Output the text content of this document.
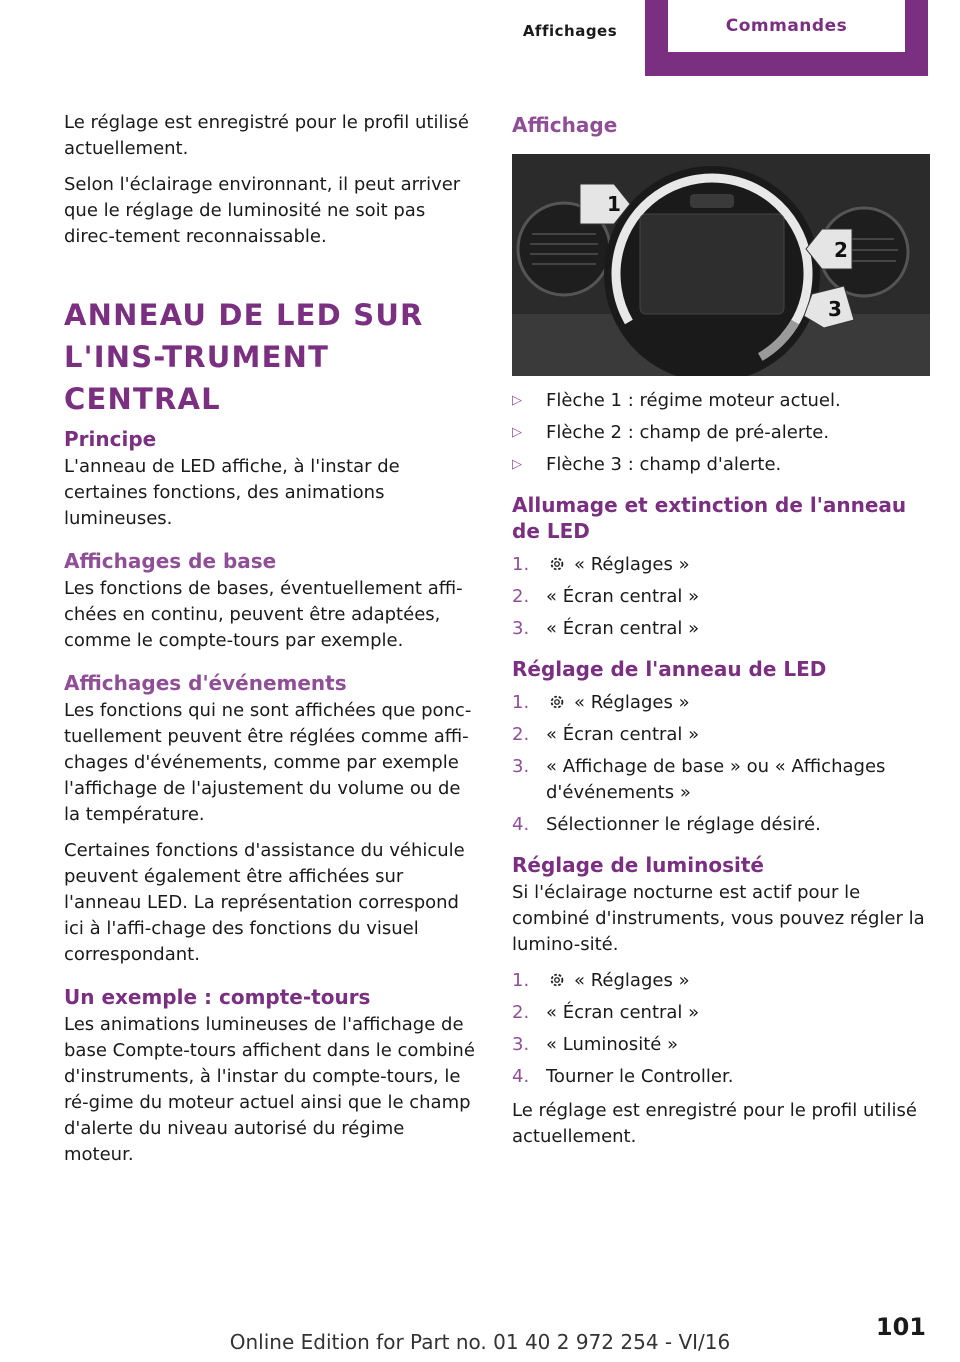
Affichages	Commandes

Le réglage est enregistré pour le profil utilisé actuellement.

Selon l'éclairage environnant, il peut arriver que le réglage de luminosité ne soit pas direc-tement reconnaissable.

ANNEAU DE LED SUR L'INS-TRUMENT CENTRAL
Principe

L'anneau de LED affiche, à l'instar de certaines fonctions, des animations lumineuses.

Affichages de base

Les fonctions de bases, éventuellement affi-chées en continu, peuvent être adaptées, comme le compte-tours par exemple.

Affichages d'événements

Les fonctions qui ne sont affichées que ponc-tuellement peuvent être réglées comme affi-chages d'événements, comme par exemple l'affichage de l'ajustement du volume ou de la température.

Certaines fonctions d'assistance du véhicule peuvent également être affichées sur l'anneau LED. La représentation correspond ici à l'affi-chage des fonctions du visuel correspondant.

Un exemple : compte-tours

Les animations lumineuses de l'affichage de base Compte-tours affichent dans le combiné d'instruments, à l'instar du compte-tours, le ré-gime du moteur actuel ainsi que le champ d'alerte du niveau autorisé du régime moteur.

Affichage
1
2
3
▷ Flèche 1 : régime moteur actuel.
▷ Flèche 2 : champ de pré-alerte.
▷ Flèche 3 : champ d'alerte.
Allumage et extinction de l'anneau de LED
1. « Réglages »
2. « Écran central »
3. « Écran central »
Réglage de l'anneau de LED
1. « Réglages »
2. « Écran central »
3. « Affichage de base » ou « Affichages d'événements »
4. Sélectionner le réglage désiré.
Réglage de luminosité

Si l'éclairage nocturne est actif pour le combiné d'instruments, vous pouvez régler la lumino-sité.

1. « Réglages »
2. « Écran central »
3. « Luminosité »
4. Tourner le Controller.

Le réglage est enregistré pour le profil utilisé actuellement.

101
Online Edition for Part no. 01 40 2 972 254 - VI/16
